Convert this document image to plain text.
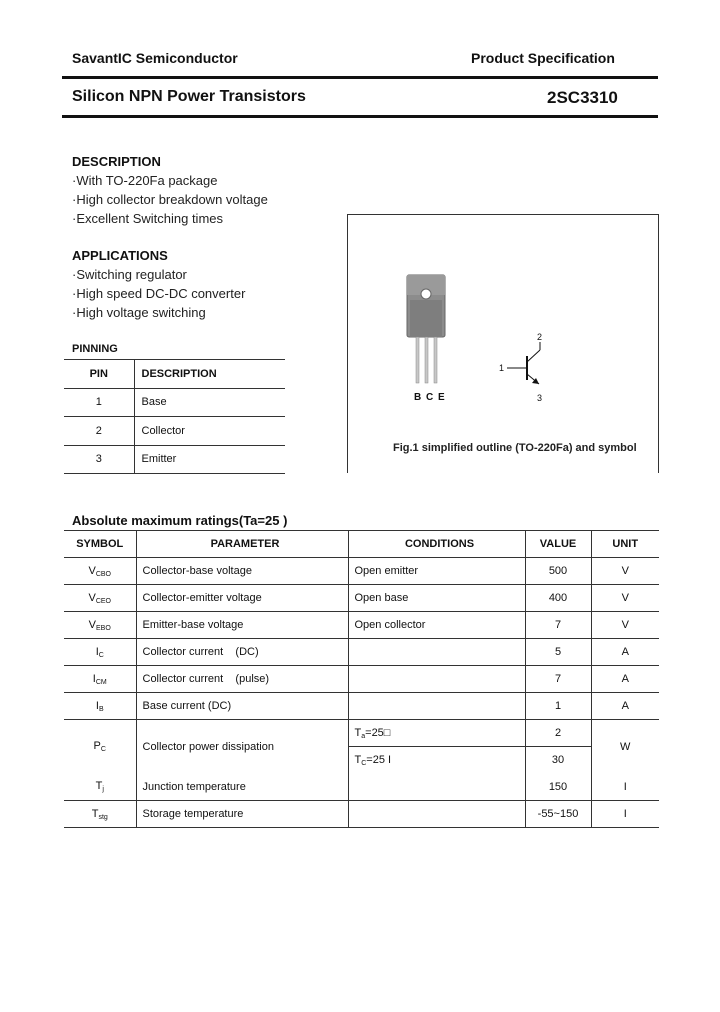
SavantIC Semiconductor	Product Specification
Silicon NPN Power Transistors	2SC3310
DESCRIPTION
·With TO-220Fa package
·High collector breakdown voltage
·Excellent Switching times
APPLICATIONS
·Switching regulator
·High speed DC-DC converter
·High voltage switching
PINNING
PIN	DESCRIPTION
1	Base
2	Collector
3	Emitter
B C E
2
1
3
Fig.1 simplified outline (TO-220Fa) and symbol
Absolute maximum ratings(Ta=25 )
SYMBOL	PARAMETER	CONDITIONS	VALUE	UNIT
$V_{CBO}$	Collector-base voltage	Open emitter	500	V
$V_{CEO}$	Collector-emitter voltage	Open base	400	V
$V_{EBO}$	Emitter-base voltage	Open collector	7	V
$I_C$	Collector current    (DC)		5	A
$I_{CM}$	Collector current    (pulse)		7	A
$I_B$	Base current (DC)		1	A
$P_C$	Collector power dissipation	$T_a=25□$	2	W
		$T_C=25$ I	30	
$T_j$	Junction temperature		150	I
$T_{stg}$	Storage temperature		-55~150	I
